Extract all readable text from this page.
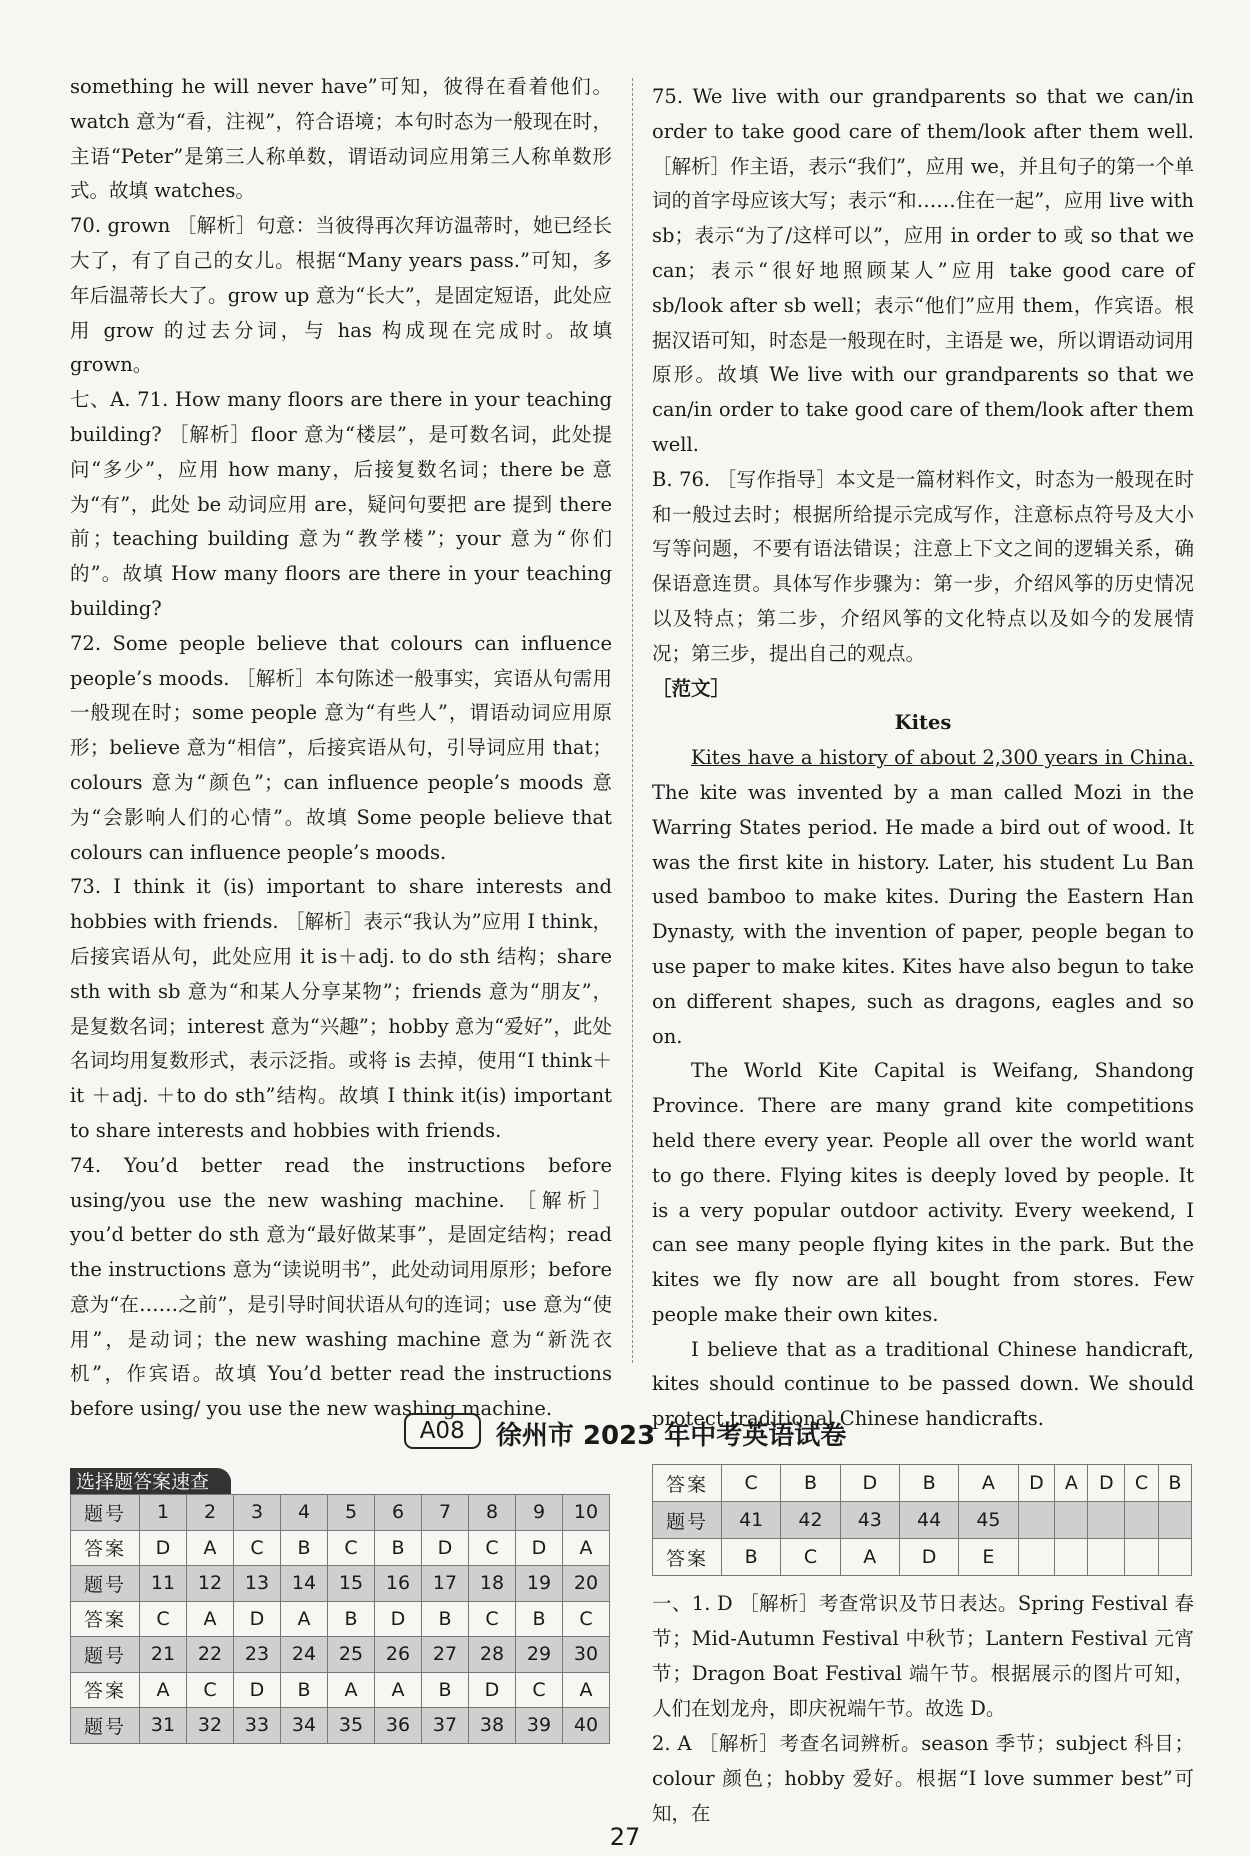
something he will never have”可知，彼得在看着他们。watch 意为“看，注视”，符合语境；本句时态为一般现在时，主语“Peter”是第三人称单数，谓语动词应用第三人称单数形式。故填 watches。

70. grown ［解析］句意：当彼得再次拜访温蒂时，她已经长大了，有了自己的女儿。根据“Many years pass.”可知，多年后温蒂长大了。grow up 意为“长大”，是固定短语，此处应用 grow 的过去分词，与 has 构成现在完成时。故填 grown。

七、A. 71. How many floors are there in your teaching building? ［解析］floor 意为“楼层”，是可数名词，此处提问“多少”，应用 how many，后接复数名词；there be 意为“有”，此处 be 动词应用 are，疑问句要把 are 提到 there 前；teaching building 意为“教学楼”；your 意为“你们的”。故填 How many floors are there in your teaching building?

72. Some people believe that colours can influence people’s moods. ［解析］本句陈述一般事实，宾语从句需用一般现在时；some people 意为“有些人”，谓语动词应用原形；believe 意为“相信”，后接宾语从句，引导词应用 that；colours 意为“颜色”；can influence people’s moods 意为“会影响人们的心情”。故填 Some people believe that colours can influence people’s moods.

73. I think it (is) important to share interests and hobbies with friends. ［解析］表示“我认为”应用 I think，后接宾语从句，此处应用 it is＋adj. to do sth 结构；share sth with sb 意为“和某人分享某物”；friends 意为“朋友”，是复数名词；interest 意为“兴趣”；hobby 意为“爱好”，此处名词均用复数形式，表示泛指。或将 is 去掉，使用“I think＋it ＋adj. ＋to do sth”结构。故填 I think it(is) important to share interests and hobbies with friends.

74. You’d better read the instructions before using/you use the new washing machine. ［解析］you’d better do sth 意为“最好做某事”，是固定结构；read the instructions 意为“读说明书”，此处动词用原形；before 意为“在……之前”，是引导时间状语从句的连词；use 意为“使用”，是动词；the new washing machine 意为“新洗衣机”，作宾语。故填 You’d better read the instructions before using/ you use the new washing machine.

75. We live with our grandparents so that we can/in order to take good care of them/look after them well. ［解析］作主语，表示“我们”，应用 we，并且句子的第一个单词的首字母应该大写；表示“和……住在一起”，应用 live with sb；表示“为了/这样可以”，应用 in order to 或 so that we can；表示“很好地照顾某人”应用 take good care of sb/look after sb well；表示“他们”应用 them，作宾语。根据汉语可知，时态是一般现在时，主语是 we，所以谓语动词用原形。故填 We live with our grandparents so that we can/in order to take good care of them/look after them well.

B. 76. ［写作指导］本文是一篇材料作文，时态为一般现在时和一般过去时；根据所给提示完成写作，注意标点符号及大小写等问题，不要有语法错误；注意上下文之间的逻辑关系，确保语意连贯。具体写作步骤为：第一步，介绍风筝的历史情况以及特点；第二步，介绍风筝的文化特点以及如今的发展情况；第三步，提出自己的观点。

［范文］

Kites

Kites have a history of about 2,300 years in China. The kite was invented by a man called Mozi in the Warring States period. He made a bird out of wood. It was the first kite in history. Later, his student Lu Ban used bamboo to make kites. During the Eastern Han Dynasty, with the invention of paper, people began to use paper to make kites. Kites have also begun to take on different shapes, such as dragons, eagles and so on.

The World Kite Capital is Weifang, Shandong Province. There are many grand kite competitions held there every year. People all over the world want to go there. Flying kites is deeply loved by people. It is a very popular outdoor activity. Every weekend, I can see many people flying kites in the park. But the kites we fly now are all bought from stores. Few people make their own kites.

I believe that as a traditional Chinese handicraft, kites should continue to be passed down. We should protect traditional Chinese handicrafts.

A08 徐州市 2023 年中考英语试卷
选择题答案速查
题号	1	2	3	4	5	6	7	8	9	10
答案	D	A	C	B	C	B	D	C	D	A
题号	11	12	13	14	15	16	17	18	19	20
答案	C	A	D	A	B	D	B	C	B	C
题号	21	22	23	24	25	26	27	28	29	30
答案	A	C	D	B	A	A	B	D	C	A
题号	31	32	33	34	35	36	37	38	39	40
答案	C	B	D	B	A	D	A	D	C	B
题号	41	42	43	44	45					
答案	B	C	A	D	E					

一、1. D ［解析］考查常识及节日表达。Spring Festival 春节；Mid-Autumn Festival 中秋节；Lantern Festival 元宵节；Dragon Boat Festival 端午节。根据展示的图片可知，人们在划龙舟，即庆祝端午节。故选 D。

2. A ［解析］考查名词辨析。season 季节；subject 科目；colour 颜色；hobby 爱好。根据“I love summer best”可知，在

27
